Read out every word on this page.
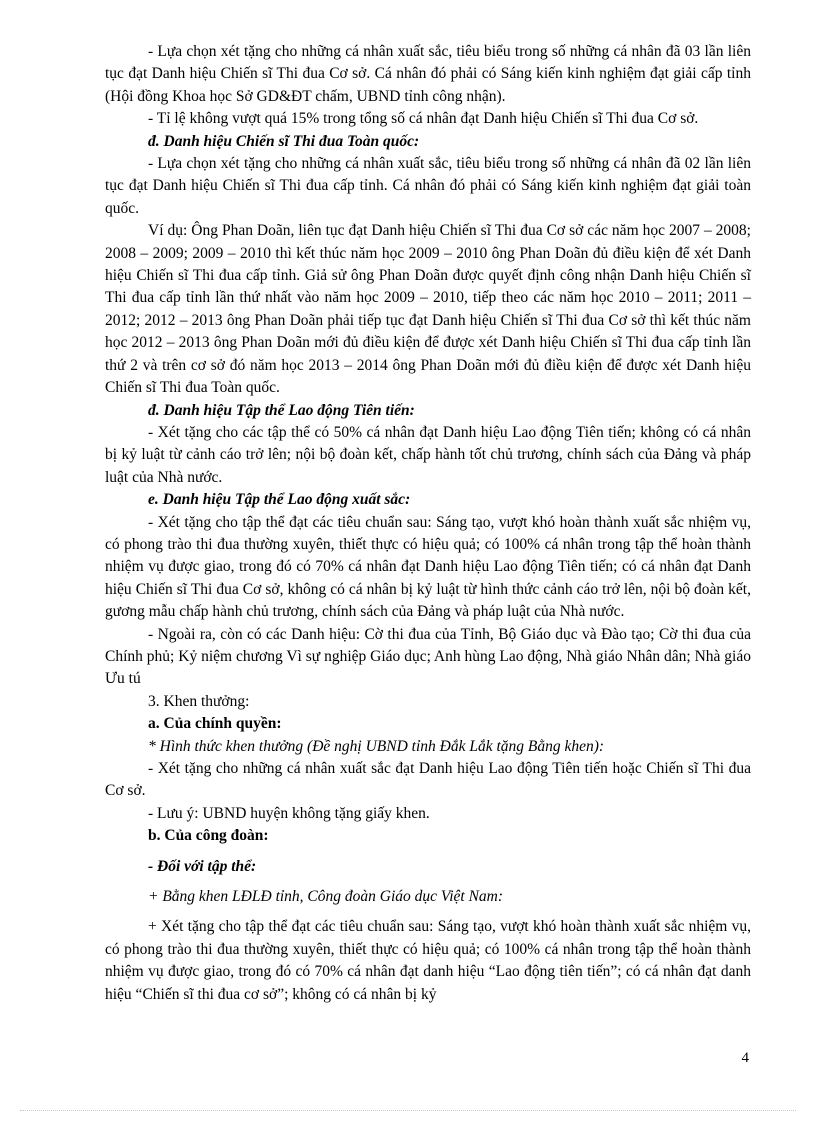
- Lựa chọn xét tặng cho những cá nhân xuất sắc, tiêu biểu trong số những cá nhân đã 03 lần liên tục đạt Danh hiệu Chiến sĩ Thi đua Cơ sở. Cá nhân đó phải có Sáng kiến kinh nghiệm đạt giải cấp tỉnh (Hội đồng Khoa học Sở GD&ĐT chấm, UBND tỉnh công nhận).

- Tỉ lệ không vượt quá 15% trong tổng số cá nhân đạt Danh hiệu Chiến sĩ Thi đua Cơ sở.

đ. Danh hiệu Chiến sĩ Thi đua Toàn quốc:

- Lựa chọn xét tặng cho những cá nhân xuất sắc, tiêu biểu trong số những cá nhân đã 02 lần liên tục đạt Danh hiệu Chiến sĩ Thi đua cấp tỉnh. Cá nhân đó phải có Sáng kiến kinh nghiệm đạt giải toàn quốc.

Ví dụ: Ông Phan Doãn, liên tục đạt Danh hiệu Chiến sĩ Thi đua Cơ sở các năm học 2007 – 2008; 2008 – 2009; 2009 – 2010 thì kết thúc năm học 2009 – 2010 ông Phan Doãn đủ điều kiện để xét Danh hiệu Chiến sĩ Thi đua cấp tỉnh. Giả sử ông Phan Doãn được quyết định công nhận Danh hiệu Chiến sĩ Thi đua cấp tỉnh lần thứ nhất vào năm học 2009 – 2010, tiếp theo các năm học 2010 – 2011; 2011 – 2012; 2012 – 2013 ông Phan Doãn phải tiếp tục đạt Danh hiệu Chiến sĩ Thi đua Cơ sở thì kết thúc năm học 2012 – 2013 ông Phan Doãn mới đủ điều kiện để được xét Danh hiệu Chiến sĩ Thi đua cấp tỉnh lần thứ 2 và trên cơ sở đó năm học 2013 – 2014 ông Phan Doãn mới đủ điều kiện để được xét Danh hiệu Chiến sĩ Thi đua Toàn quốc.

đ. Danh hiệu Tập thể Lao động Tiên tiến:

- Xét tặng cho các tập thể có 50% cá nhân đạt Danh hiệu Lao động Tiên tiến; không có cá nhân bị kỷ luật từ cảnh cáo trở lên; nội bộ đoàn kết, chấp hành tốt chủ trương, chính sách của Đảng và pháp luật của Nhà nước.

e. Danh hiệu Tập thể Lao động xuất sắc:

- Xét tặng cho tập thể đạt các tiêu chuẩn sau: Sáng tạo, vượt khó hoàn thành xuất sắc nhiệm vụ, có phong trào thi đua thường xuyên, thiết thực có hiệu quả; có 100% cá nhân trong tập thể hoàn thành nhiệm vụ được giao, trong đó có 70% cá nhân đạt Danh hiệu Lao động Tiên tiến; có cá nhân đạt Danh hiệu Chiến sĩ Thi đua Cơ sở, không có cá nhân bị kỷ luật từ hình thức cảnh cáo trở lên, nội bộ đoàn kết, gương mẫu chấp hành chủ trương, chính sách của Đảng và pháp luật của Nhà nước.

- Ngoài ra, còn có các Danh hiệu: Cờ thi đua của Tỉnh, Bộ Giáo dục và Đào tạo; Cờ thi đua của Chính phủ; Kỷ niệm chương Vì sự nghiệp Giáo dục; Anh hùng Lao động, Nhà giáo Nhân dân; Nhà giáo Ưu tú

3. Khen thưởng:

a. Của chính quyền:

* Hình thức khen thưởng (Đề nghị UBND tỉnh Đắk Lắk tặng Bằng khen):

- Xét tặng cho những cá nhân xuất sắc đạt Danh hiệu Lao động Tiên tiến hoặc Chiến sĩ Thi đua Cơ sở.

- Lưu ý: UBND huyện không tặng giấy khen.

b. Của công đoàn:

- Đối với tập thể:

+ Bằng khen LĐLĐ tỉnh, Công đoàn Giáo dục Việt Nam:

+ Xét tặng cho tập thể đạt các tiêu chuẩn sau: Sáng tạo, vượt khó hoàn thành xuất sắc nhiệm vụ, có phong trào thi đua thường xuyên, thiết thực có hiệu quả; có 100% cá nhân trong tập thể hoàn thành nhiệm vụ được giao, trong đó có 70% cá nhân đạt danh hiệu “Lao động tiên tiến”; có cá nhân đạt danh hiệu “Chiến sĩ thi đua cơ sở”; không có cá nhân bị kỷ

4
